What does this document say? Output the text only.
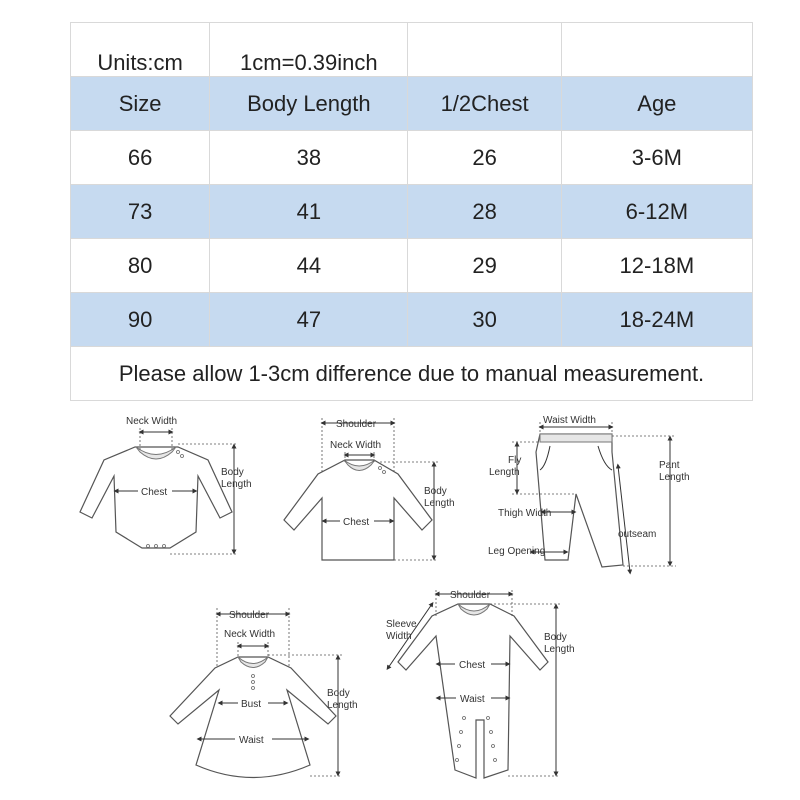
Units:cm	1cm=0.39inch		
Size	Body Length	1/2Chest	Age
66	38	26	3-6M
73	41	28	6-12M
80	44	29	12-18M
90	47	30	18-24M
Please allow 1-3cm difference due to manual measurement.			
Neck Width
Chest
Body
Length
Shoulder
Neck Width
Chest
Body
Length
Waist Width
Fly
Length
Thigh Width
Leg Opening
outseam
Pant
Length
Shoulder
Neck Width
Bust
Waist
Body
Length
Shoulder
Sleeve
Width
Chest
Waist
Body
Length
